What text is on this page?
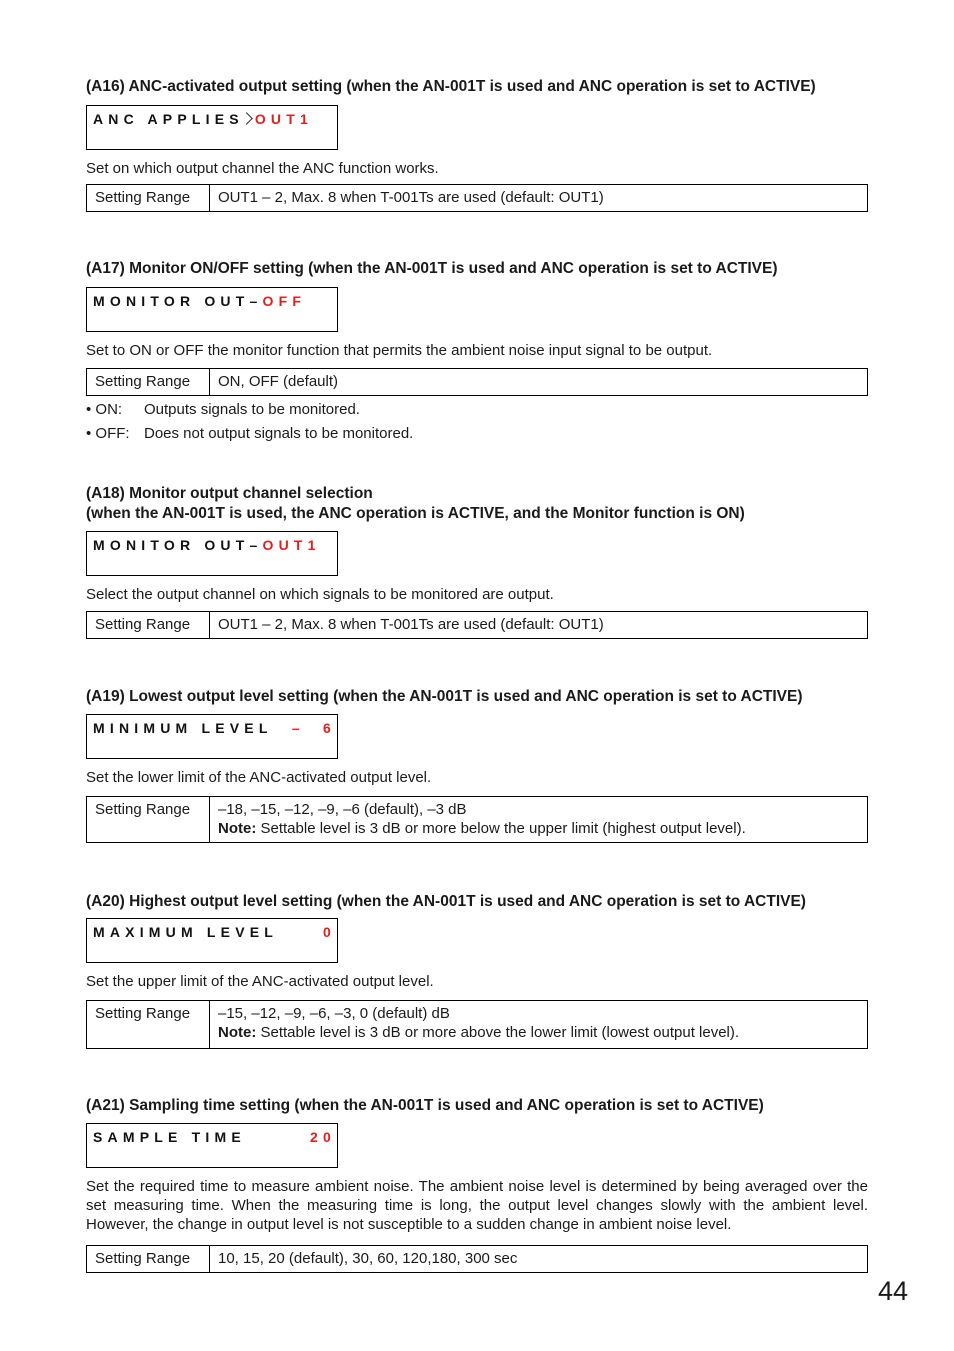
(A16) ANC-activated output setting (when the AN-001T is used and ANC operation is set to ACTIVE)

ANC APPLIES OUT1

Set on which output channel the ANC function works.

Setting Range	OUT1 – 2, Max. 8 when T-001Ts are used (default: OUT1)

(A17) Monitor ON/OFF setting (when the AN-001T is used and ANC operation is set to ACTIVE)

MONITOR OUT–OFF

Set to ON or OFF the monitor function that permits the ambient noise input signal to be output.

Setting Range	ON, OFF (default)
• ON: Outputs signals to be monitored.
• OFF: Does not output signals to be monitored.

(A18) Monitor output channel selection

(when the AN-001T is used, the ANC operation is ACTIVE, and the Monitor function is ON)

MONITOR OUT–OUT1

Select the output channel on which signals to be monitored are output.

Setting Range	OUT1 – 2, Max. 8 when T-001Ts are used (default: OUT1)

(A19) Lowest output level setting (when the AN-001T is used and ANC operation is set to ACTIVE)

MINIMUM LEVEL –  6

Set the lower limit of the ANC-activated output level.

Setting Range	–18, –15, –12, –9, –6 (default), –3 dB
Note: Settable level is 3 dB or more below the upper limit (highest output level).

(A20) Highest output level setting (when the AN-001T is used and ANC operation is set to ACTIVE)

MAXIMUM LEVEL	0

Set the upper limit of the ANC-activated output level.

Setting Range	–15, –12, –9, –6, –3, 0 (default) dB
Note: Settable level is 3 dB or more above the lower limit (lowest output level).

(A21) Sampling time setting (when the AN-001T is used and ANC operation is set to ACTIVE)

SAMPLE TIME	20

Set the required time to measure ambient noise. The ambient noise level is determined by being averaged over the set measuring time. When the measuring time is long, the output level changes slowly with the ambient level. However, the change in output level is not susceptible to a sudden change in ambient noise level.

Setting Range	10, 15, 20 (default), 30, 60, 120,180, 300 sec
44
